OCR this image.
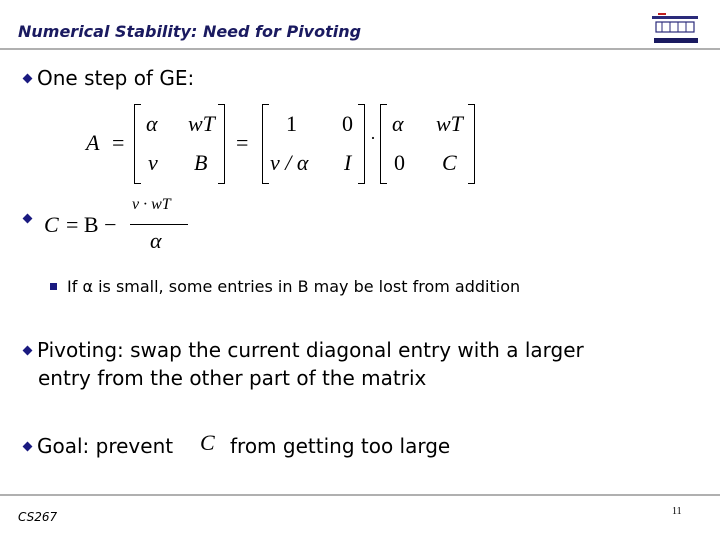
Numerical Stability: Need for Pivoting
One step of GE:
A =
α wT
v B
=
1 0
v / α I
·
α wT
0 C
C = B −
v · wT
α
If α is small, some entries in B may be lost from addition
Pivoting: swap the current diagonal entry with a larger
entry from the other part of the matrix
Goal: prevent C from getting too large
CS267	11
